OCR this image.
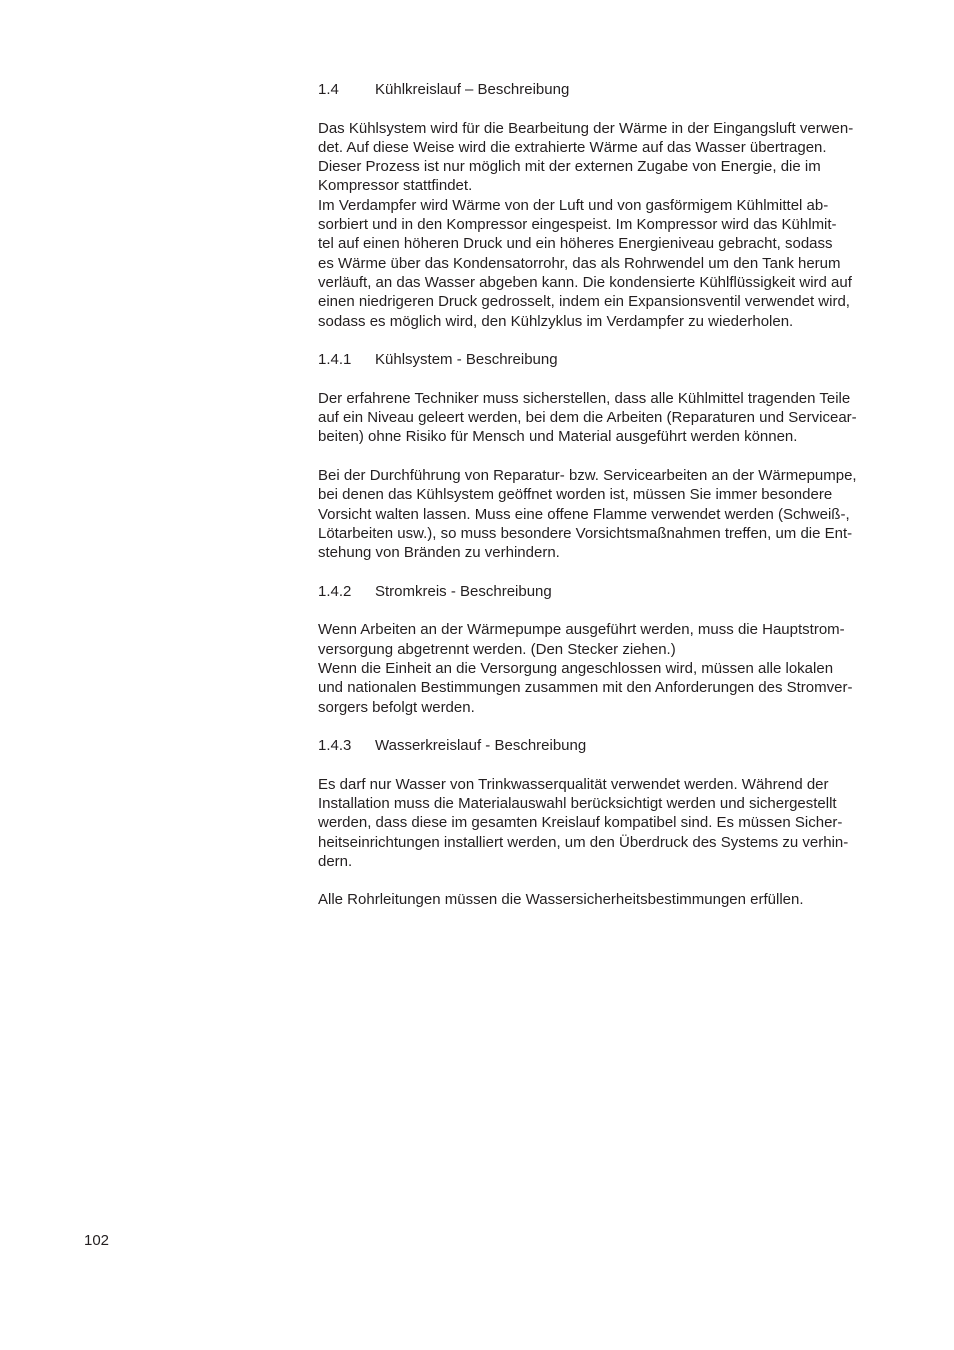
1.4	Kühlkreislauf – Beschreibung
Das Kühlsystem wird für die Bearbeitung der Wärme in der Eingangsluft verwen-
det. Auf diese Weise wird die extrahierte Wärme auf das Wasser übertragen.
Dieser Prozess ist nur möglich mit der externen Zugabe von Energie, die im
Kompressor stattfindet.
Im Verdampfer wird Wärme von der Luft und von gasförmigem Kühlmittel ab-
sorbiert und in den Kompressor eingespeist. Im Kompressor wird das Kühlmit-
tel auf einen höheren Druck und ein höheres Energieniveau gebracht, sodass
es Wärme über das Kondensatorrohr, das als Rohrwendel um den Tank herum
verläuft, an das Wasser abgeben kann. Die kondensierte Kühlflüssigkeit wird auf
einen niedrigeren Druck gedrosselt, indem ein Expansionsventil verwendet wird,
sodass es möglich wird, den Kühlzyklus im Verdampfer zu wiederholen.
1.4.1	Kühlsystem - Beschreibung
Der erfahrene Techniker muss sicherstellen, dass alle Kühlmittel tragenden Teile
auf ein Niveau geleert werden, bei dem die Arbeiten (Reparaturen und Servicear-
beiten) ohne Risiko für Mensch und Material ausgeführt werden können.
Bei der Durchführung von Reparatur- bzw. Servicearbeiten an der Wärmepumpe,
bei denen das Kühlsystem geöffnet worden ist, müssen Sie immer besondere
Vorsicht walten lassen. Muss eine offene Flamme verwendet werden (Schweiß-,
Lötarbeiten usw.), so muss besondere Vorsichtsmaßnahmen treffen, um die Ent-
stehung von Bränden zu verhindern.
1.4.2	Stromkreis - Beschreibung
Wenn Arbeiten an der Wärmepumpe ausgeführt werden, muss die Hauptstrom-
versorgung abgetrennt werden. (Den Stecker ziehen.)
Wenn die Einheit an die Versorgung angeschlossen wird, müssen alle lokalen
und nationalen Bestimmungen zusammen mit den Anforderungen des Stromver-
sorgers befolgt werden.
1.4.3	Wasserkreislauf - Beschreibung
Es darf nur Wasser von Trinkwasserqualität verwendet werden. Während der
Installation muss die Materialauswahl berücksichtigt werden und sichergestellt
werden, dass diese im gesamten Kreislauf kompatibel sind. Es müssen Sicher-
heitseinrichtungen installiert werden, um den Überdruck des Systems zu verhin-
dern.
Alle Rohrleitungen müssen die Wassersicherheitsbestimmungen erfüllen.
102
